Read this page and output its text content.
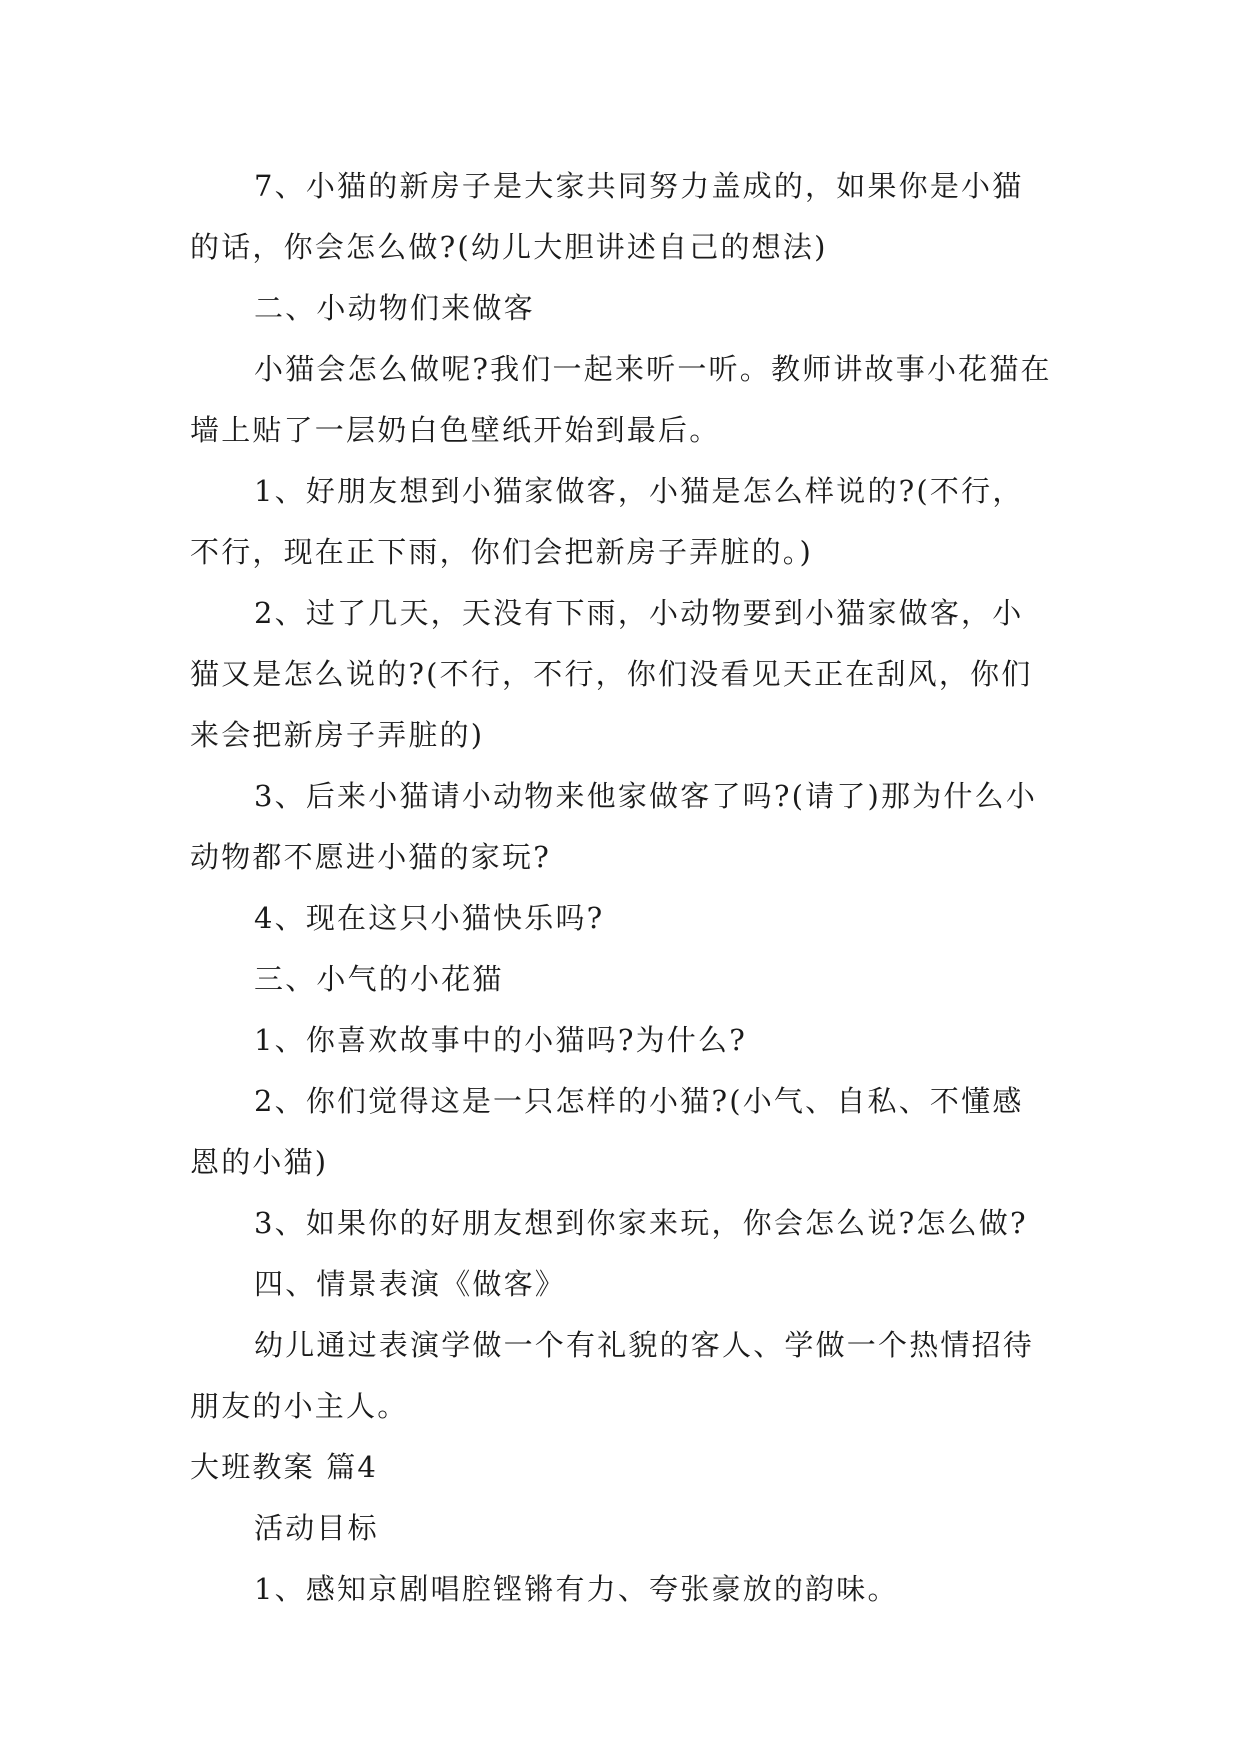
7、小猫的新房子是大家共同努力盖成的，如果你是小猫的话，你会怎么做?(幼儿大胆讲述自己的想法)

二、小动物们来做客

小猫会怎么做呢?我们一起来听一听。教师讲故事小花猫在墙上贴了一层奶白色壁纸开始到最后。

1、好朋友想到小猫家做客，小猫是怎么样说的?(不行，不行，现在正下雨，你们会把新房子弄脏的。)

2、过了几天，天没有下雨，小动物要到小猫家做客，小猫又是怎么说的?(不行，不行，你们没看见天正在刮风，你们来会把新房子弄脏的)

3、后来小猫请小动物来他家做客了吗?(请了)那为什么小动物都不愿进小猫的家玩?

4、现在这只小猫快乐吗?

三、小气的小花猫

1、你喜欢故事中的小猫吗?为什么?

2、你们觉得这是一只怎样的小猫?(小气、自私、不懂感恩的小猫)

3、如果你的好朋友想到你家来玩，你会怎么说?怎么做?

四、情景表演《做客》

幼儿通过表演学做一个有礼貌的客人、学做一个热情招待朋友的小主人。

大班教案 篇4

活动目标

1、感知京剧唱腔铿锵有力、夸张豪放的韵味。
